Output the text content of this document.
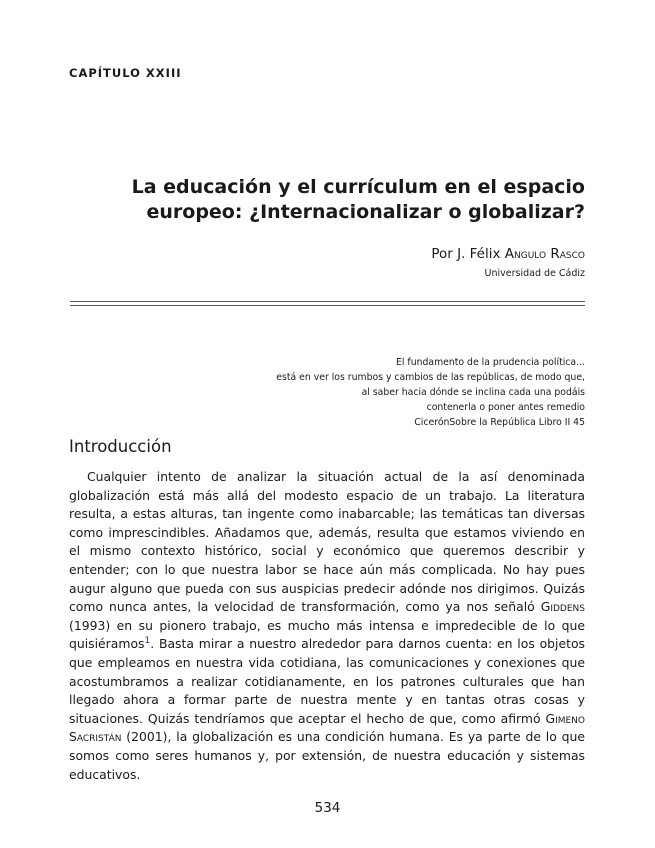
CAPÍTULO XXIII
La educación y el currículum en el espacio
europeo: ¿Internacionalizar o globalizar?
Por J. Félix Angulo Rasco
Universidad de Cádiz
El fundamento de la prudencia política...
está en ver los rumbos y cambios de las repúblicas, de modo que,
al saber hacia dónde se inclina cada una podáis
contenerla o poner antes remedio
CicerónSobre la República Libro II 45
Introducción

Cualquier intento de analizar la situación actual de la así denominada globalización está más allá del modesto espacio de un trabajo. La literatura resulta, a estas alturas, tan ingente como inabarcable; las temáticas tan diversas como imprescindibles. Añadamos que, además, resulta que estamos viviendo en el mismo contexto histórico, social y económico que queremos describir y entender; con lo que nuestra labor se hace aún más complicada. No hay pues augur alguno que pueda con sus auspicias predecir adónde nos dirigimos. Quizás como nunca antes, la velocidad de transformación, como ya nos señaló Giddens (1993) en su pionero trabajo, es mucho más intensa e impredecible de lo que quisiéramos$^1$. Basta mirar a nuestro alrededor para darnos cuenta: en los objetos que empleamos en nuestra vida cotidiana, las comunicaciones y conexiones que acostumbramos a realizar cotidianamente, en los patrones culturales que han llegado ahora a formar parte de nuestra mente y en tantas otras cosas y situaciones. Quizás tendríamos que aceptar el hecho de que, como afirmó Gimeno Sacristán (2001), la globalización es una condición humana. Es ya parte de lo que somos como seres humanos y, por extensión, de nuestra educación y sistemas educativos.

534
